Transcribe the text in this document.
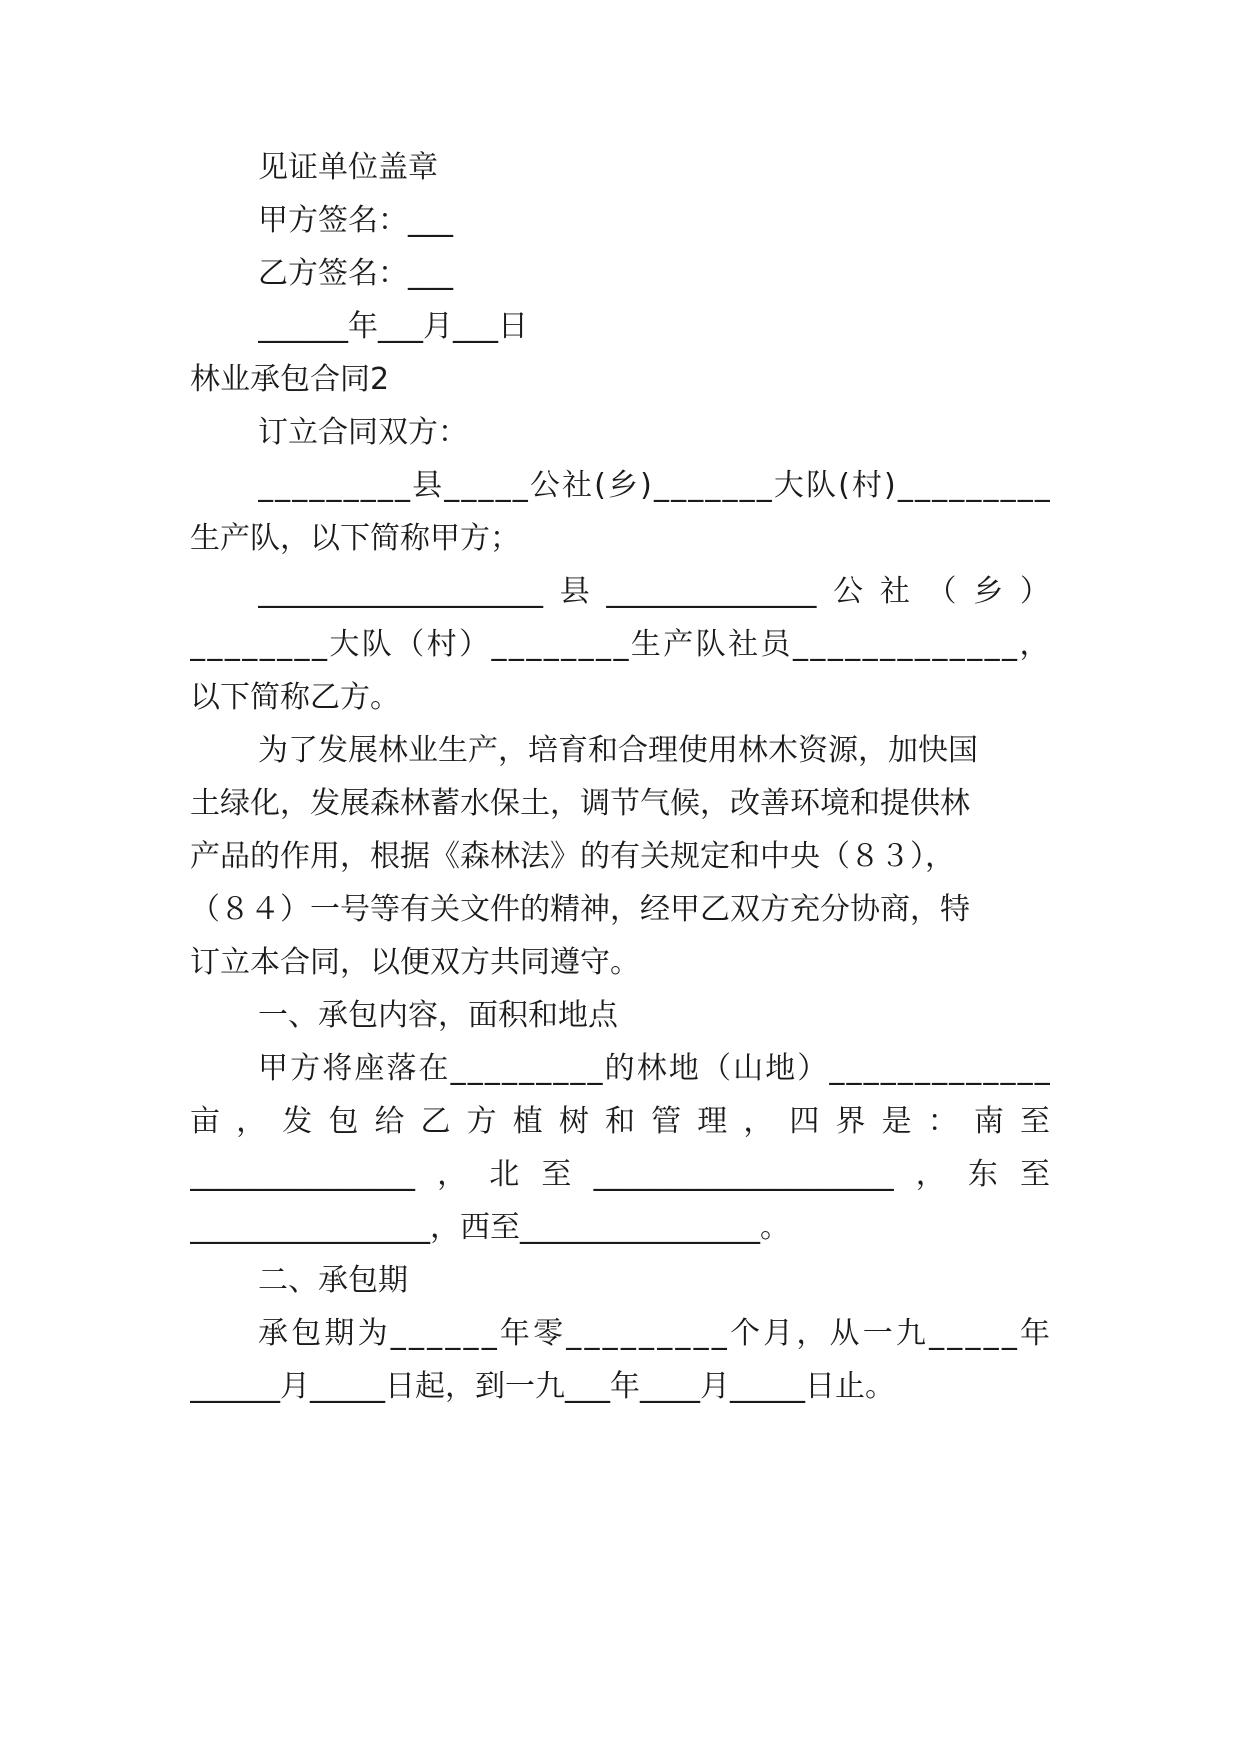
见证单位盖章
甲方签名：___
乙方签名：___
______年___月___日
林业承包合同2
订立合同双方：
_ _ _ _ _ _ _ _ _ 县 _ _ _ _ _ 公 社 ( 乡 ) _ _ _ _ _ _ _ 大 队 ( 村 ) _ _ _ _ _ _ _ _ _
生产队，以下简称甲方；
___________________ 县 ______________ 公 社 （ 乡 ）
_ _ _ _ _ _ _ _ 大 队 （ 村 ） _ _ _ _ _ _ _ _ 生 产 队 社 员 _ _ _ _ _ _ _ _ _ _ _ _ _ ，
以下简称乙方。
为了发展林业生产，培育和合理使用林木资源，加快国
土绿化，发展森林蓄水保土，调节气候，改善环境和提供林
产品的作用，根据《森林法》的有关规定和中央（８３），
（８４）一号等有关文件的精神，经甲乙双方充分协商，特
订立本合同，以便双方共同遵守。
一、承包内容，面积和地点
甲 方 将 座 落 在 _ _ _ _ _ _ _ _ _ 的 林 地 （ 山 地 ） _ _ _ _ _ _ _ _ _ _ _ _ _
亩 ， 发 包 给 乙 方 植 树 和 管 理 ， 四 界 是 ： 南 至
_______________ ， 北 至 ____________________ ， 东 至
________________，西至________________。
二、承包期
承 包 期 为 _ _ _ _ _ _ 年 零 _ _ _ _ _ _ _ _ _ 个 月 ， 从 一 九 _ _ _ _ _ 年
______月_____日起，到一九___年____月_____日止。
